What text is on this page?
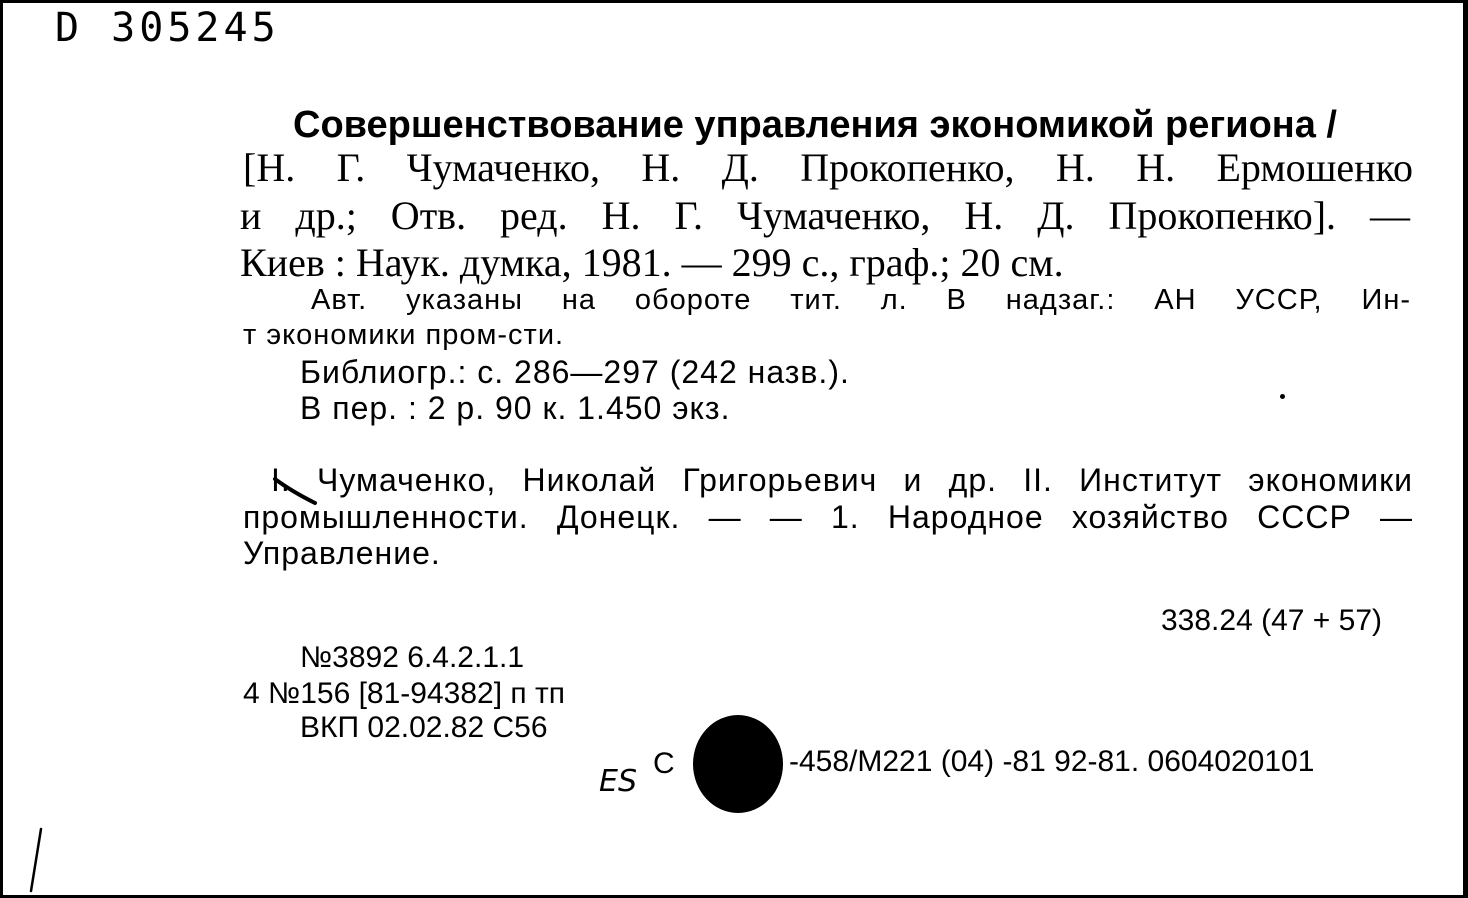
D 305245
Совершенствование управления экономикой региона /
[Н. Г. Чумаченко, Н. Д. Прокопенко, Н. Н. Ермошенко
и др.; Отв. ред. Н. Г. Чумаченко, Н. Д. Прокопенко]. —
Киев : Наук. думка, 1981. — 299 с., граф.; 20 см.
Авт. указаны на обороте тит. л. В надзаг.: АН УССР, Ин-
т экономики пром-сти.
Библиогр.: с. 286—297 (242 назв.).
В пер. : 2 р. 90 к. 1.450 экз.
I. Чумаченко, Николай Григорьевич и др. II. Институт экономики
промышленности. Донецк. — — 1. Народное хозяйство СССР —
Управление.
338.24 (47 + 57)
№3892 6.4.2.1.1
4 №156 [81-94382] п тп
ВКП 02.02.82 С56
ES
С	-458/М221 (04) -81 92-81. 0604020101
